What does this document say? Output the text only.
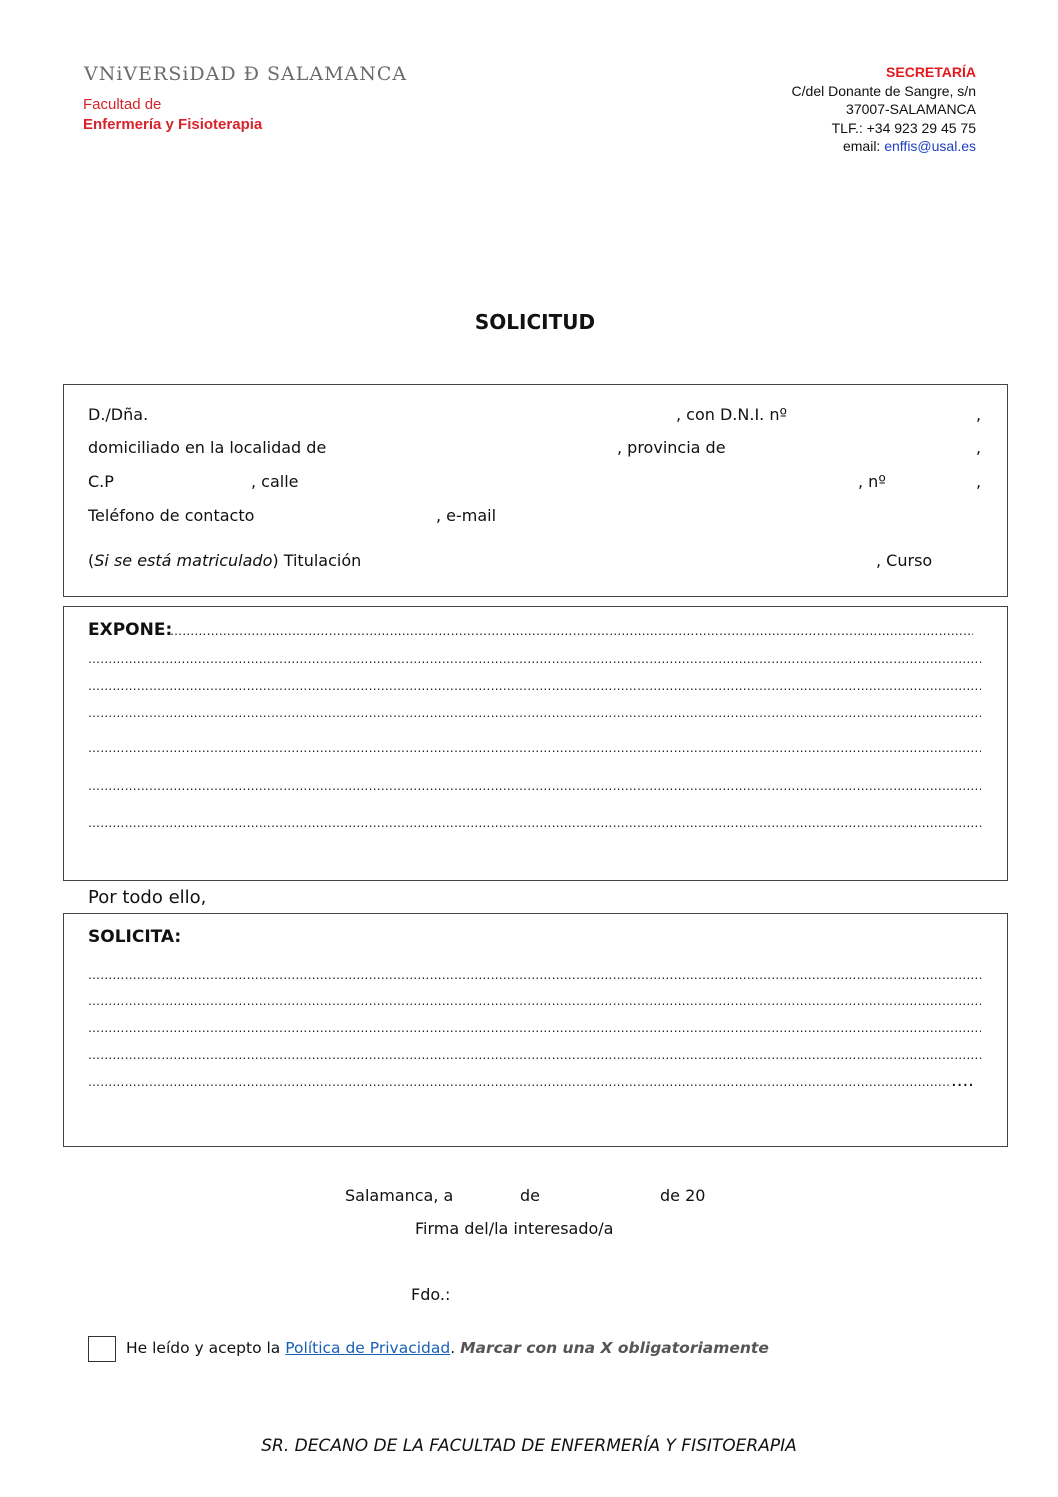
VNiVERSiDAD Đ SALAMANCA
Facultad de
Enfermería y Fisioterapia
SECRETARÍA
C/del Donante de Sangre, s/n
37007-SALAMANCA
TLF.: +34 923 29 45 75
email: enffis@usal.es
SOLICITUD
D./Dña.	, con D.N.I. nº	,
domiciliado en la localidad de	, provincia de	,
C.P	, calle	, nº	,
Teléfono de contacto	, e-mail
(Si se está matriculado) Titulación	, Curso
EXPONE:
………………………………………………………………………………………………………………………………………………………………………………………………………………………………
………………………………………………………………………………………………………………………………………………………………………………………………………………………………
………………………………………………………………………………………………………………………………………………………………………………………………………………………………
………………………………………………………………………………………………………………………………………………………………………………………………………………………………
………………………………………………………………………………………………………………………………………………………………………………………………………………………………
………………………………………………………………………………………………………………………………………………………………………………………………………………………………
………………………………………………………………………………………………………………………………………………………………………………………………………………………………
Por todo ello,
SOLICITA:
………………………………………………………………………………………………………………………………………………………………………………………………………………………………
………………………………………………………………………………………………………………………………………………………………………………………………………………………………
………………………………………………………………………………………………………………………………………………………………………………………………………………………………
………………………………………………………………………………………………………………………………………………………………………………………………………………………………
………………………………………………………………………………………………………………………………………………………………………………………………………………………………
....
Salamanca, a	de	de 20
Firma del/la interesado/a
Fdo.:
He leído y acepto la Política de Privacidad. Marcar con una X obligatoriamente
SR. DECANO DE LA FACULTAD DE ENFERMERÍA Y FISITOERAPIA
